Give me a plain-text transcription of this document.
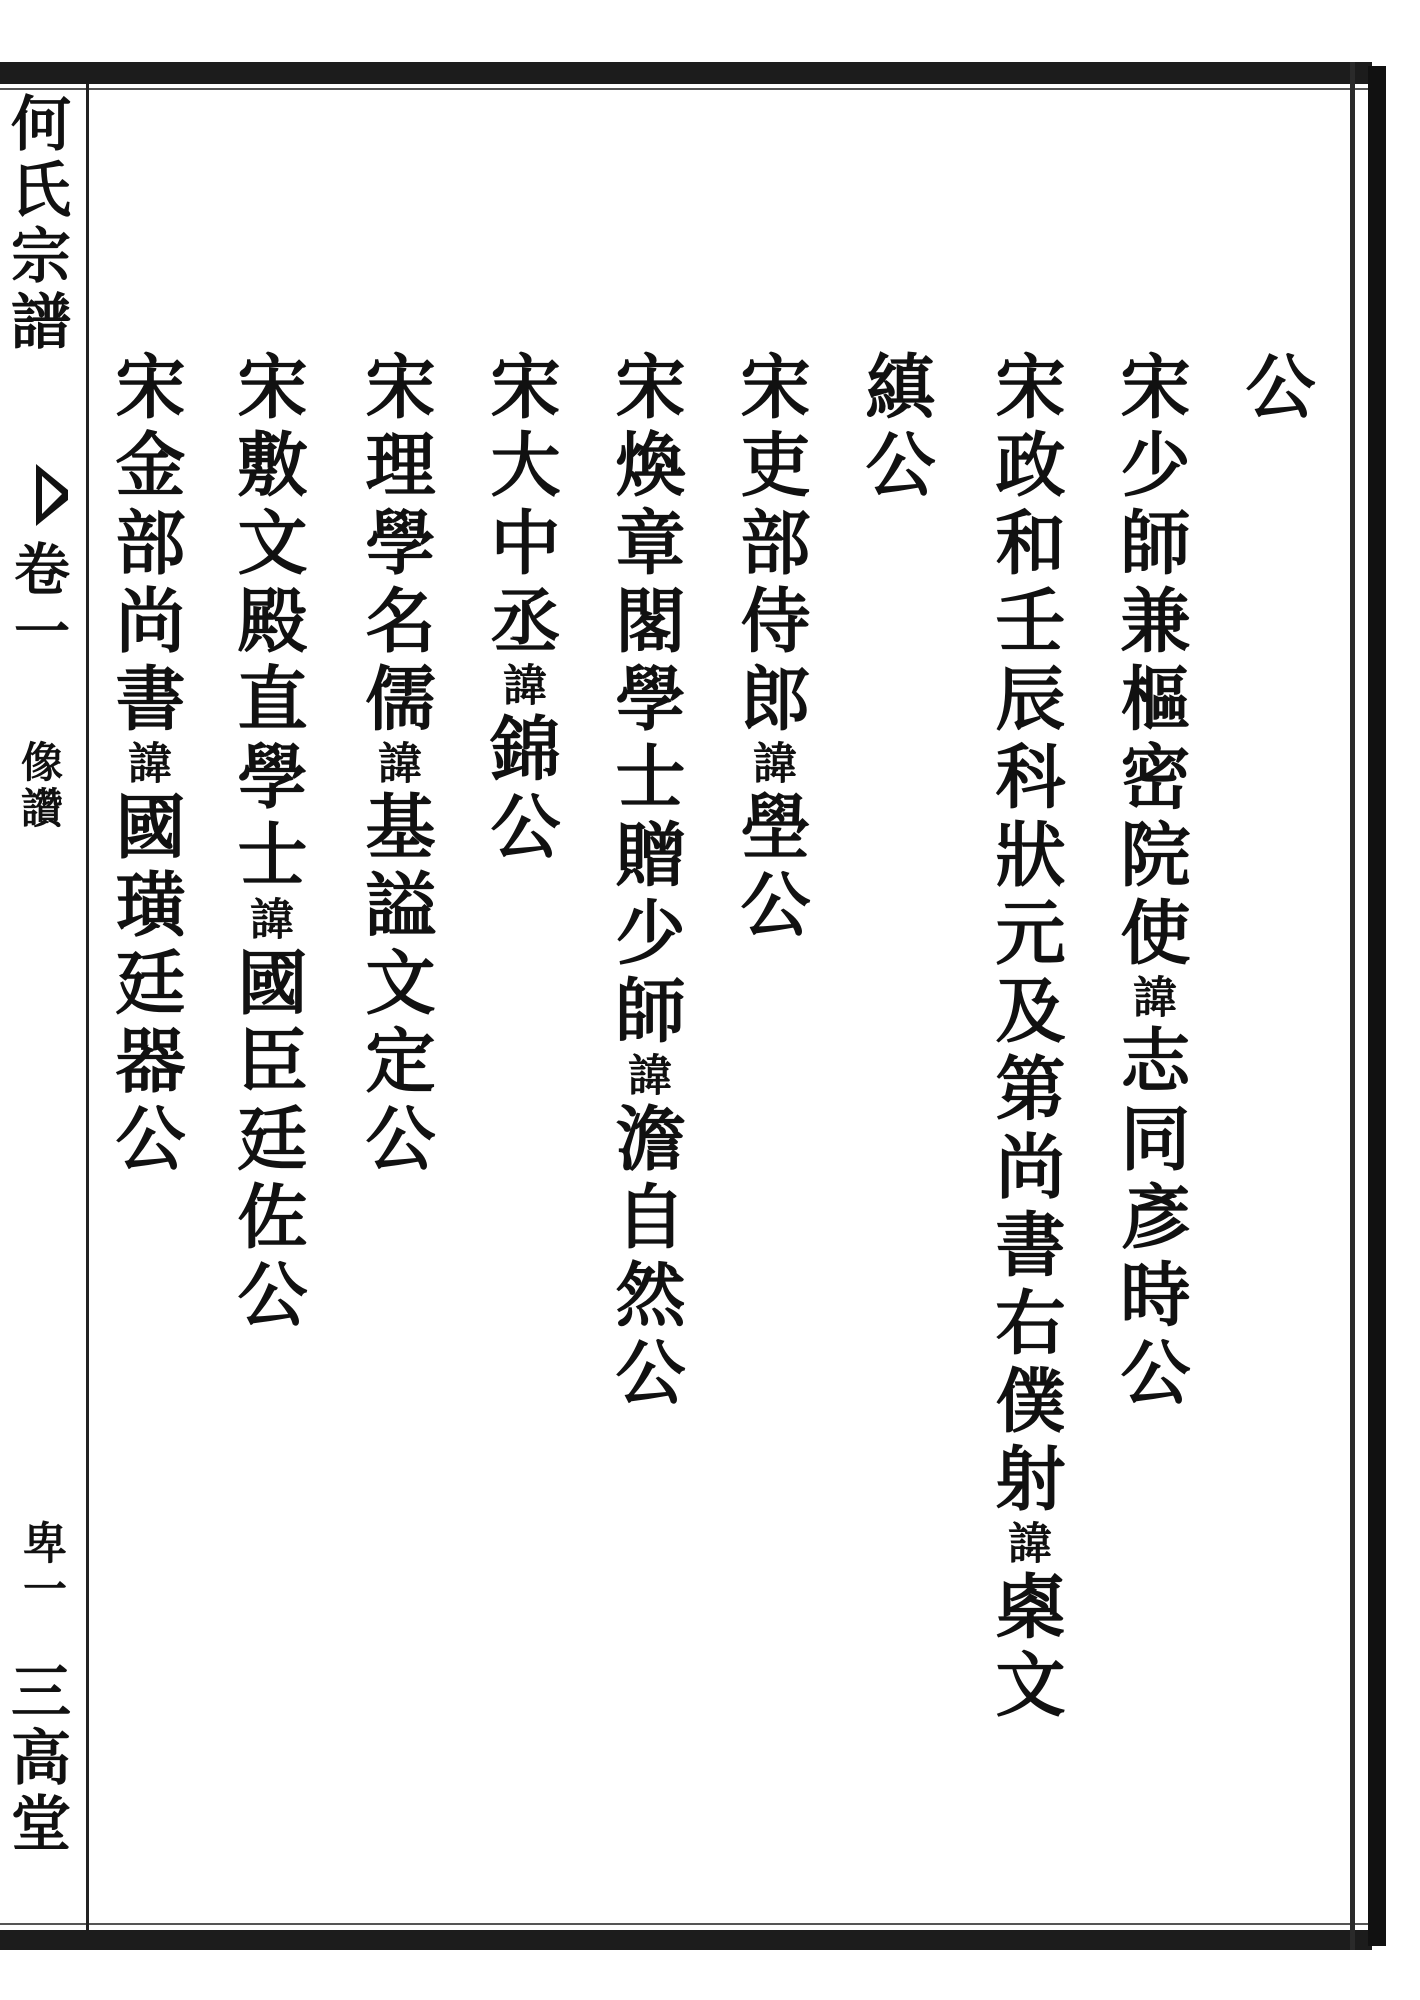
何氏宗譜
卷一
像讚
卑一
三高堂
公
宋少師兼樞密院使諱志同彥時公
宋政和壬辰科狀元及第尚書右僕射諱㮚文
縝公
宋吏部侍郎諱壆公
宋煥章閣學士贈少師諱澹自然公
宋大中丞諱錦公
宋理學名儒諱基謚文定公
宋敷文殿直學士諱國臣廷佐公
宋金部尚書諱國璜廷器公
